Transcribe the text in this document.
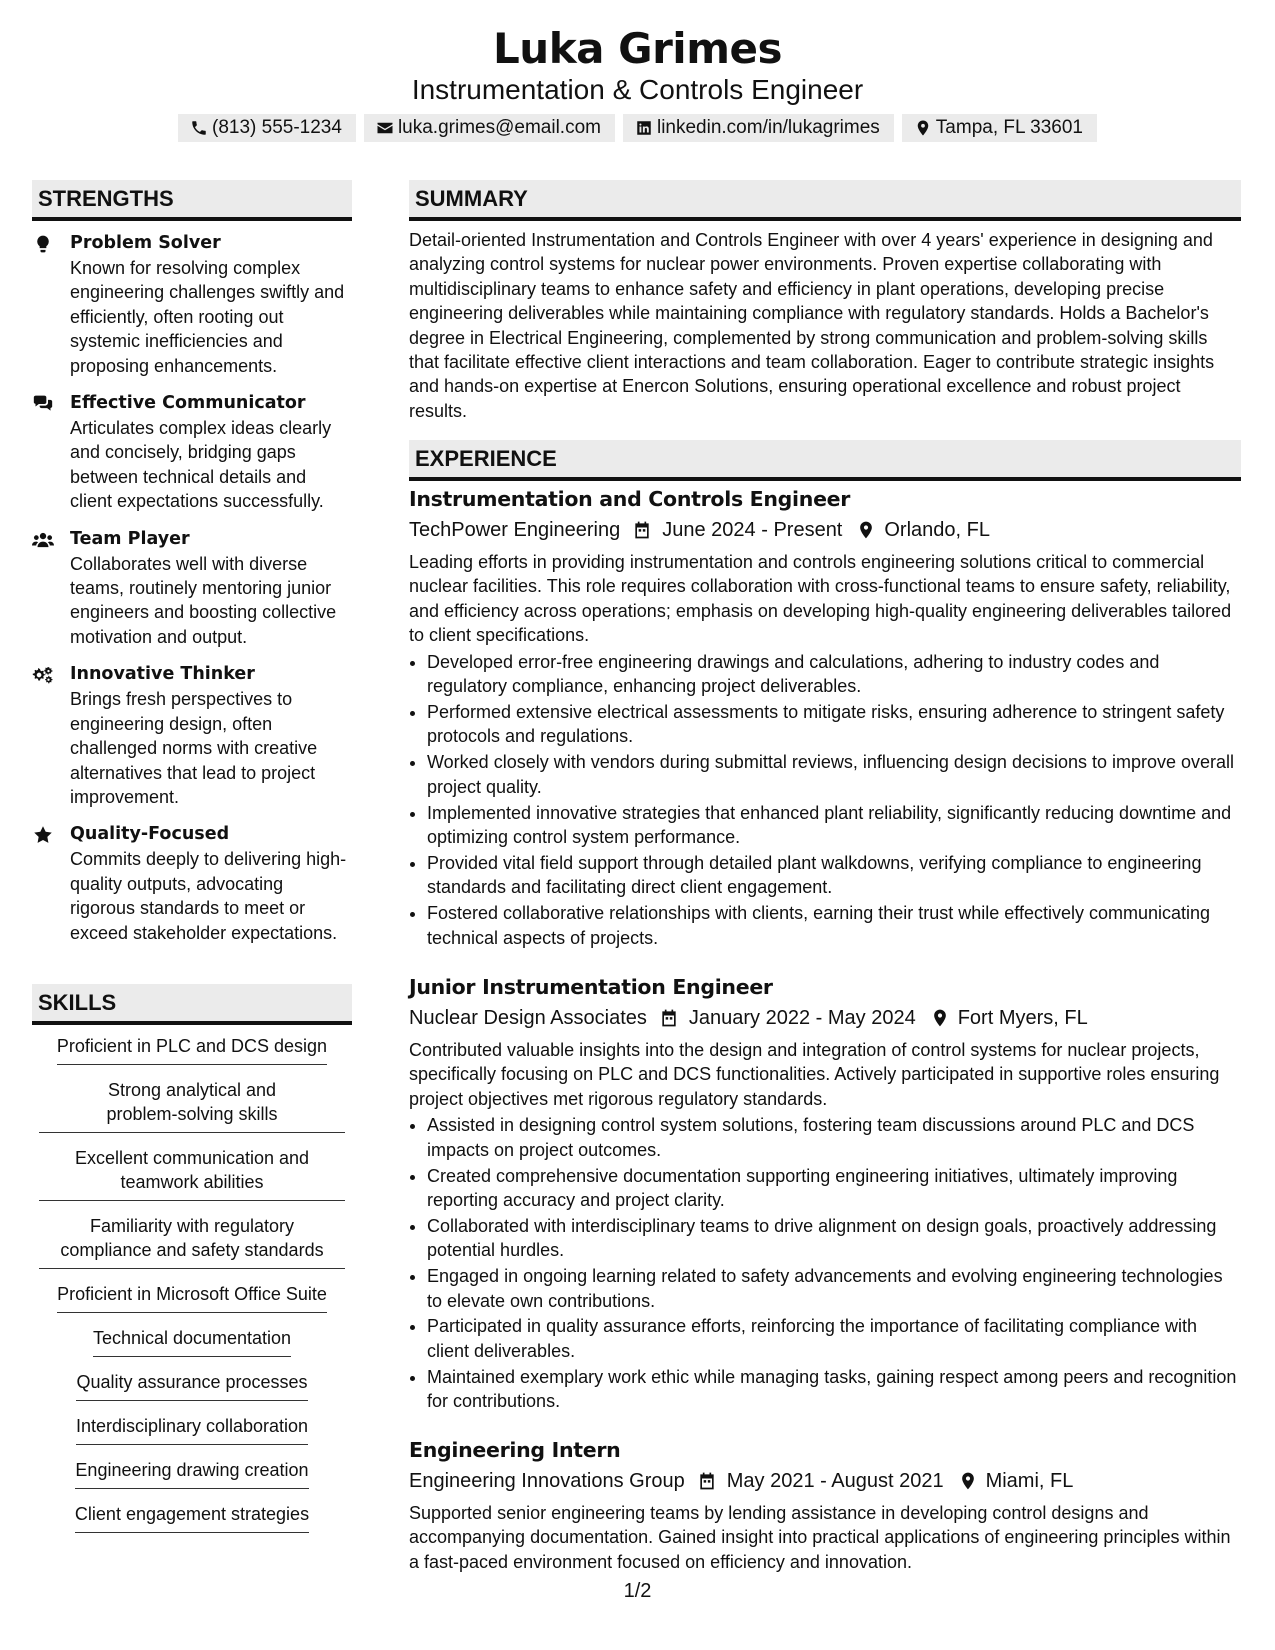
Luka Grimes
Instrumentation & Controls Engineer
(813) 555-1234	luka.grimes@email.com	linkedin.com/in/lukagrimes	Tampa, FL 33601
STRENGTHS
SKILLS
SUMMARY
EXPERIENCE
Problem Solver
Known for resolving complex engineering challenges swiftly and efficiently, often rooting out systemic inefficiencies and proposing enhancements.
Effective Communicator
Articulates complex ideas clearly and concisely, bridging gaps between technical details and client expectations successfully.
Team Player
Collaborates well with diverse teams, routinely mentoring junior engineers and boosting collective motivation and output.
Innovative Thinker
Brings fresh perspectives to engineering design, often challenged norms with creative alternatives that lead to project improvement.
Quality-Focused
Commits deeply to delivering high-quality outputs, advocating rigorous standards to meet or exceed stakeholder expectations.
Proficient in PLC and DCS design
Strong analytical and problem-solving skills
Excellent communication and teamwork abilities
Familiarity with regulatory compliance and safety standards
Proficient in Microsoft Office Suite
Technical documentation
Quality assurance processes
Interdisciplinary collaboration
Engineering drawing creation
Client engagement strategies
Detail-oriented Instrumentation and Controls Engineer with over 4 years' experience in designing and analyzing control systems for nuclear power environments. Proven expertise collaborating with multidisciplinary teams to enhance safety and efficiency in plant operations, developing precise engineering deliverables while maintaining compliance with regulatory standards. Holds a Bachelor's degree in Electrical Engineering, complemented by strong communication and problem-solving skills that facilitate effective client interactions and team collaboration. Eager to contribute strategic insights and hands-on expertise at Enercon Solutions, ensuring operational excellence and robust project results.
Instrumentation and Controls Engineer
TechPower Engineering June 2024 - Present Orlando, FL
Leading efforts in providing instrumentation and controls engineering solutions critical to commercial nuclear facilities. This role requires collaboration with cross-functional teams to ensure safety, reliability, and efficiency across operations; emphasis on developing high-quality engineering deliverables tailored to client specifications.
• Developed error-free engineering drawings and calculations, adhering to industry codes and regulatory compliance, enhancing project deliverables.
• Performed extensive electrical assessments to mitigate risks, ensuring adherence to stringent safety protocols and regulations.
• Worked closely with vendors during submittal reviews, influencing design decisions to improve overall project quality.
• Implemented innovative strategies that enhanced plant reliability, significantly reducing downtime and optimizing control system performance.
• Provided vital field support through detailed plant walkdowns, verifying compliance to engineering standards and facilitating direct client engagement.
• Fostered collaborative relationships with clients, earning their trust while effectively communicating technical aspects of projects.
Junior Instrumentation Engineer
Nuclear Design Associates January 2022 - May 2024 Fort Myers, FL
Contributed valuable insights into the design and integration of control systems for nuclear projects, specifically focusing on PLC and DCS functionalities. Actively participated in supportive roles ensuring project objectives met rigorous regulatory standards.
• Assisted in designing control system solutions, fostering team discussions around PLC and DCS impacts on project outcomes.
• Created comprehensive documentation supporting engineering initiatives, ultimately improving reporting accuracy and project clarity.
• Collaborated with interdisciplinary teams to drive alignment on design goals, proactively addressing potential hurdles.
• Engaged in ongoing learning related to safety advancements and evolving engineering technologies to elevate own contributions.
• Participated in quality assurance efforts, reinforcing the importance of facilitating compliance with client deliverables.
• Maintained exemplary work ethic while managing tasks, gaining respect among peers and recognition for contributions.
Engineering Intern
Engineering Innovations Group May 2021 - August 2021 Miami, FL
Supported senior engineering teams by lending assistance in developing control designs and accompanying documentation. Gained insight into practical applications of engineering principles within a fast-paced environment focused on efficiency and innovation.
1/2
